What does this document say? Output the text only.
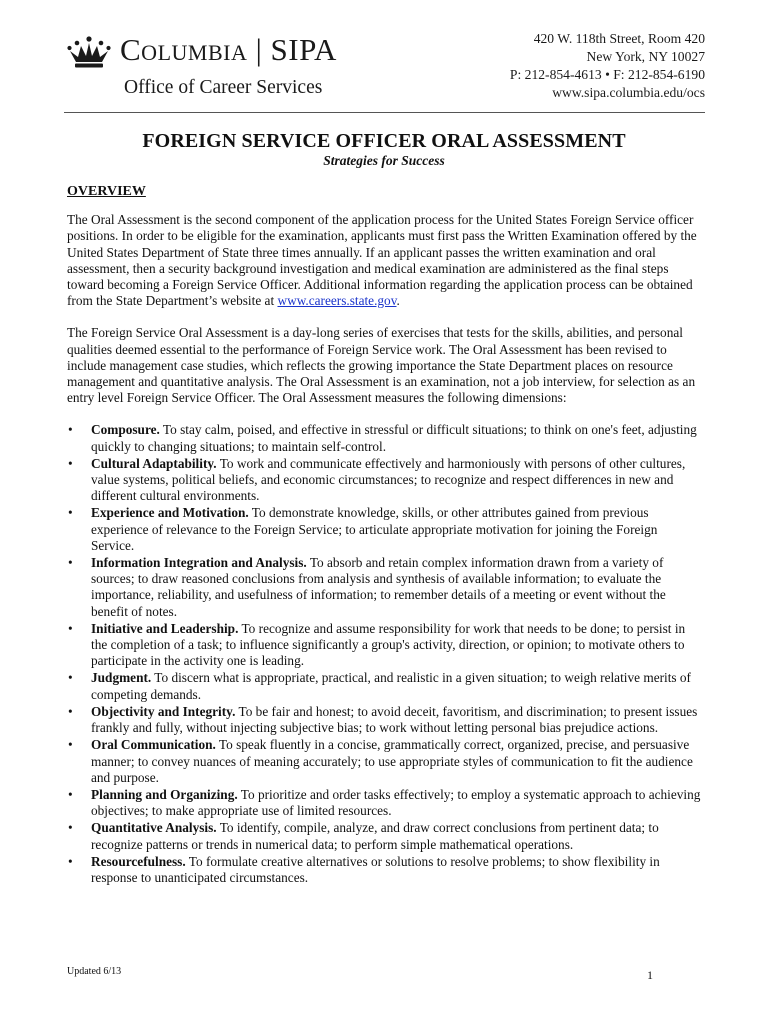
Columbia | SIPA
Office of Career Services
420 W. 118th Street, Room 420
New York, NY 10027
P: 212-854-4613 • F: 212-854-6190
www.sipa.columbia.edu/ocs
FOREIGN SERVICE OFFICER ORAL ASSESSMENT
Strategies for Success
OVERVIEW

The Oral Assessment is the second component of the application process for the United States Foreign Service officer positions. In order to be eligible for the examination, applicants must first pass the Written Examination offered by the United States Department of State three times annually. If an applicant passes the written examination and oral assessment, then a security background investigation and medical examination are administered as the final steps toward becoming a Foreign Service Officer. Additional information regarding the application process can be obtained from the State Department’s website at www.careers.state.gov.

The Foreign Service Oral Assessment is a day-long series of exercises that tests for the skills, abilities, and personal qualities deemed essential to the performance of Foreign Service work. The Oral Assessment has been revised to include management case studies, which reflects the growing importance the State Department places on resource management and quantitative analysis. The Oral Assessment is an examination, not a job interview, for selection as an entry level Foreign Service Officer. The Oral Assessment measures the following dimensions:

• Composure. To stay calm, poised, and effective in stressful or difficult situations; to think on one's feet, adjusting quickly to changing situations; to maintain self-control.
• Cultural Adaptability. To work and communicate effectively and harmoniously with persons of other cultures, value systems, political beliefs, and economic circumstances; to recognize and respect differences in new and different cultural environments.
• Experience and Motivation. To demonstrate knowledge, skills, or other attributes gained from previous experience of relevance to the Foreign Service; to articulate appropriate motivation for joining the Foreign Service.
• Information Integration and Analysis. To absorb and retain complex information drawn from a variety of sources; to draw reasoned conclusions from analysis and synthesis of available information; to evaluate the importance, reliability, and usefulness of information; to remember details of a meeting or event without the benefit of notes.
• Initiative and Leadership. To recognize and assume responsibility for work that needs to be done; to persist in the completion of a task; to influence significantly a group's activity, direction, or opinion; to motivate others to participate in the activity one is leading.
• Judgment. To discern what is appropriate, practical, and realistic in a given situation; to weigh relative merits of competing demands.
• Objectivity and Integrity. To be fair and honest; to avoid deceit, favoritism, and discrimination; to present issues frankly and fully, without injecting subjective bias; to work without letting personal bias prejudice actions.
• Oral Communication. To speak fluently in a concise, grammatically correct, organized, precise, and persuasive manner; to convey nuances of meaning accurately; to use appropriate styles of communication to fit the audience and purpose.
• Planning and Organizing. To prioritize and order tasks effectively; to employ a systematic approach to achieving objectives; to make appropriate use of limited resources.
• Quantitative Analysis. To identify, compile, analyze, and draw correct conclusions from pertinent data; to recognize patterns or trends in numerical data; to perform simple mathematical operations.
• Resourcefulness. To formulate creative alternatives or solutions to resolve problems; to show flexibility in response to unanticipated circumstances.
Updated 6/13	1
